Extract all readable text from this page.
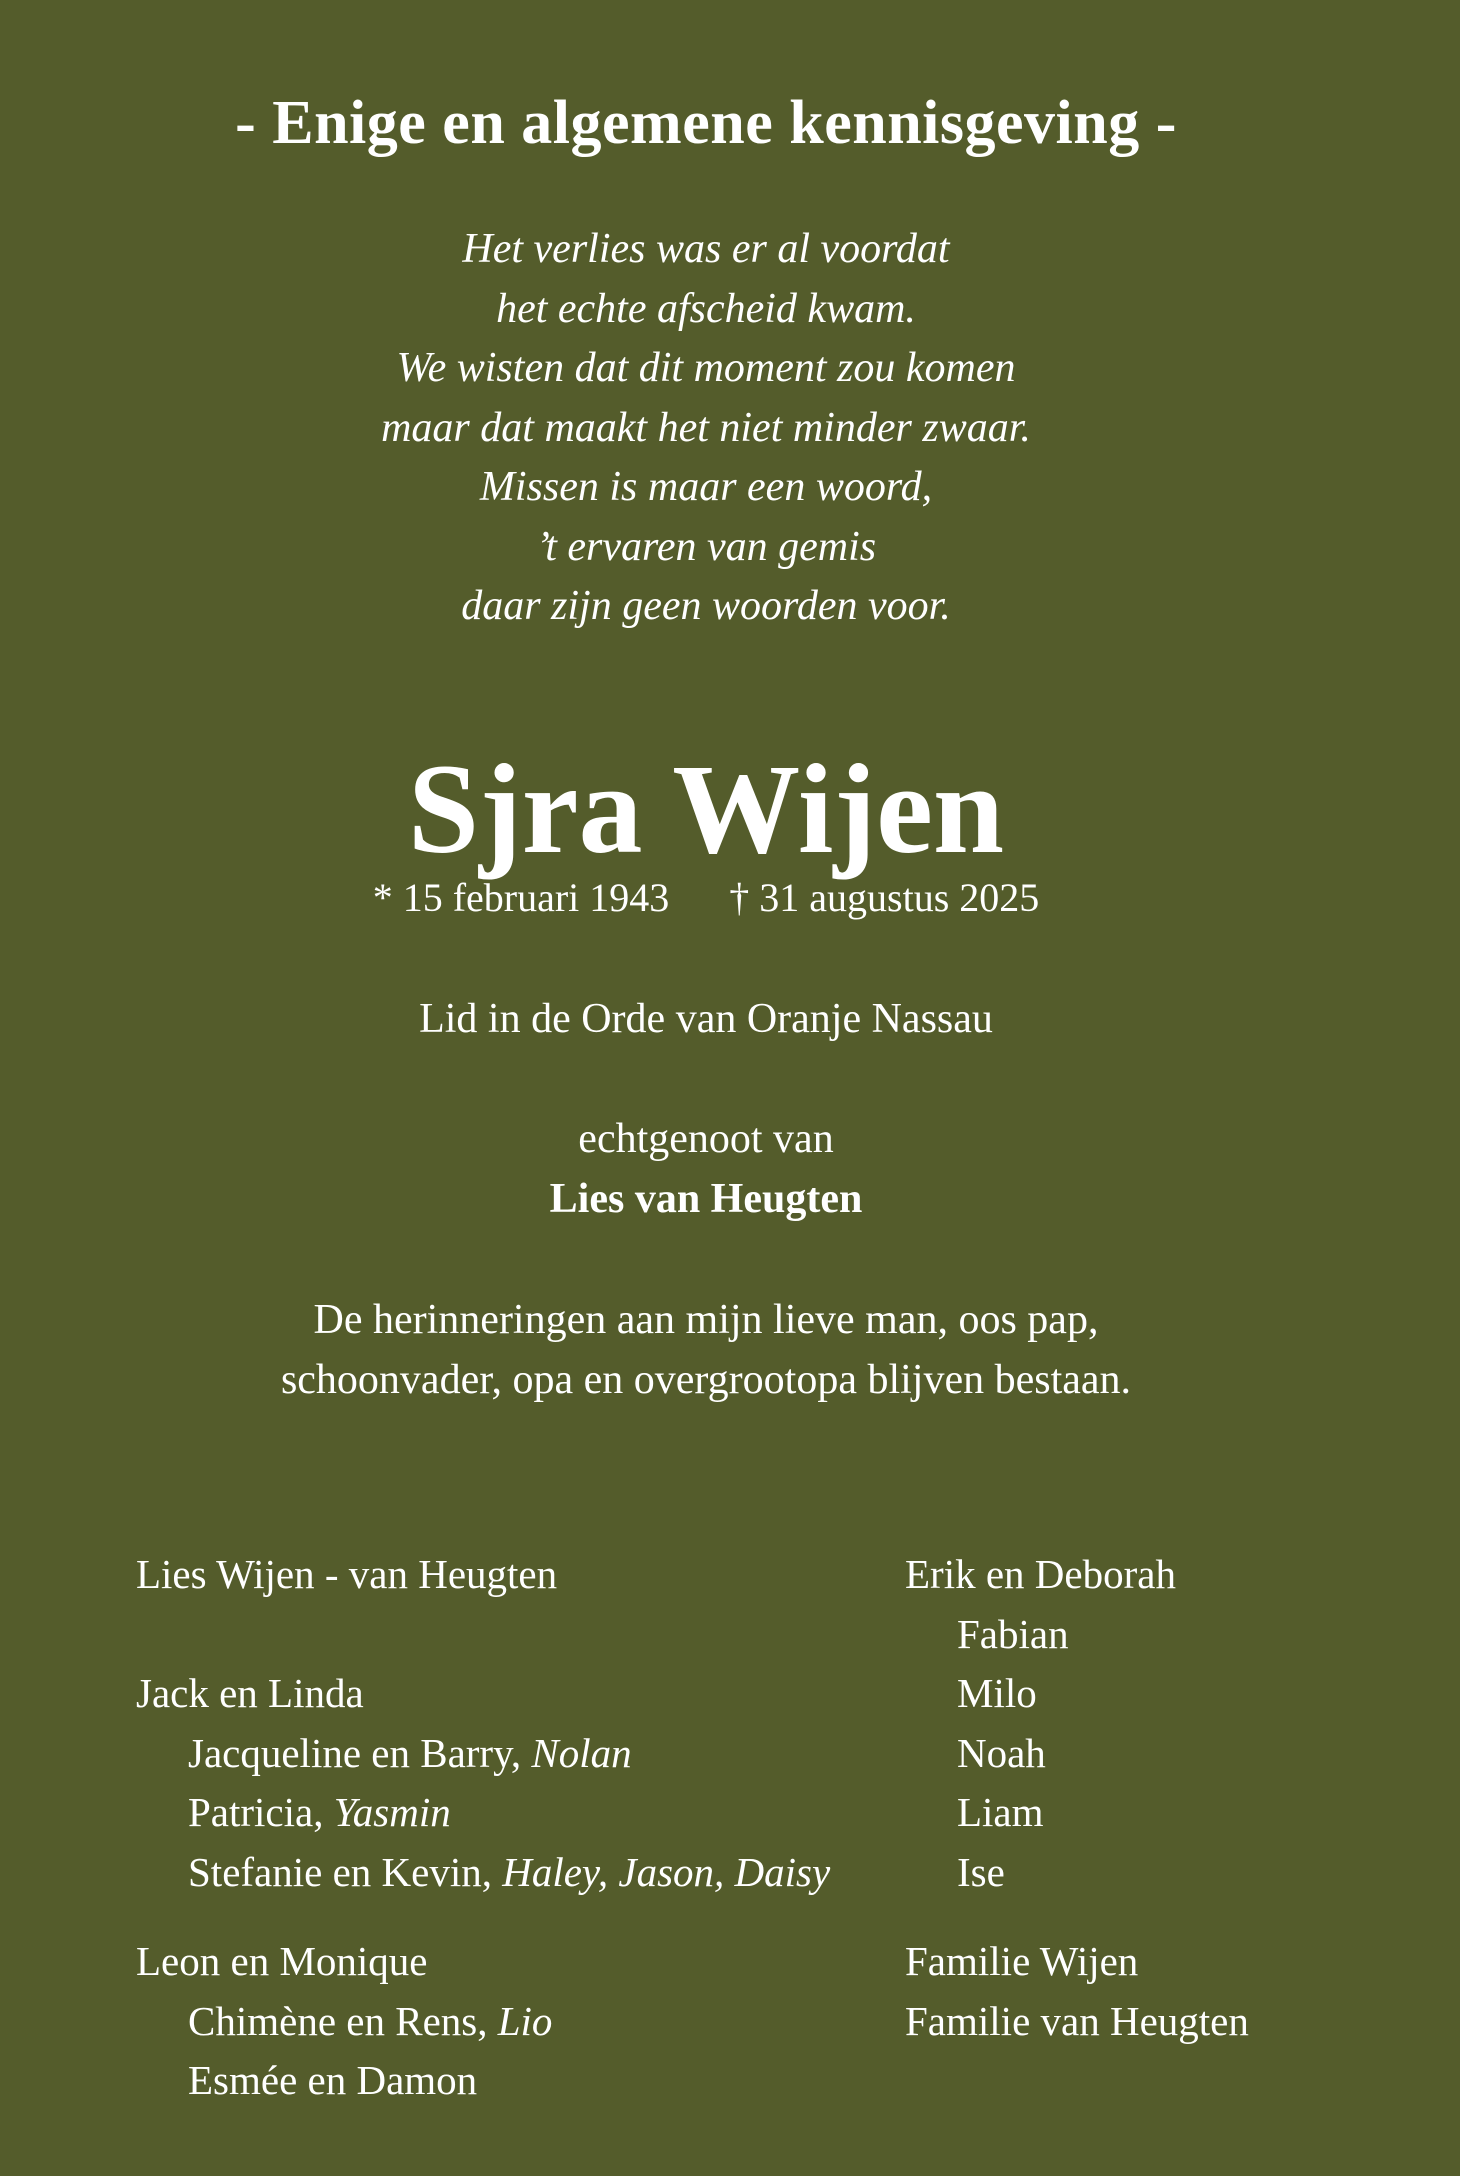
- Enige en algemene kennisgeving -
Het verlies was er al voordat
het echte afscheid kwam.
We wisten dat dit moment zou komen
maar dat maakt het niet minder zwaar.
Missen is maar een woord,
’t ervaren van gemis
daar zijn geen woorden voor.
Sjra Wijen
* 15 februari 1943 † 31 augustus 2025
Lid in de Orde van Oranje Nassau
echtgenoot van
Lies van Heugten
De herinneringen aan mijn lieve man, oos pap,
schoonvader, opa en overgrootopa blijven bestaan.
Lies Wijen - van Heugten
Jack en Linda
Jacqueline en Barry, Nolan
Patricia, Yasmin
Stefanie en Kevin, Haley, Jason, Daisy
Leon en Monique
Chimène en Rens, Lio
Esmée en Damon
Erik en Deborah
Fabian
Milo
Noah
Liam
Ise
Familie Wijen
Familie van Heugten
